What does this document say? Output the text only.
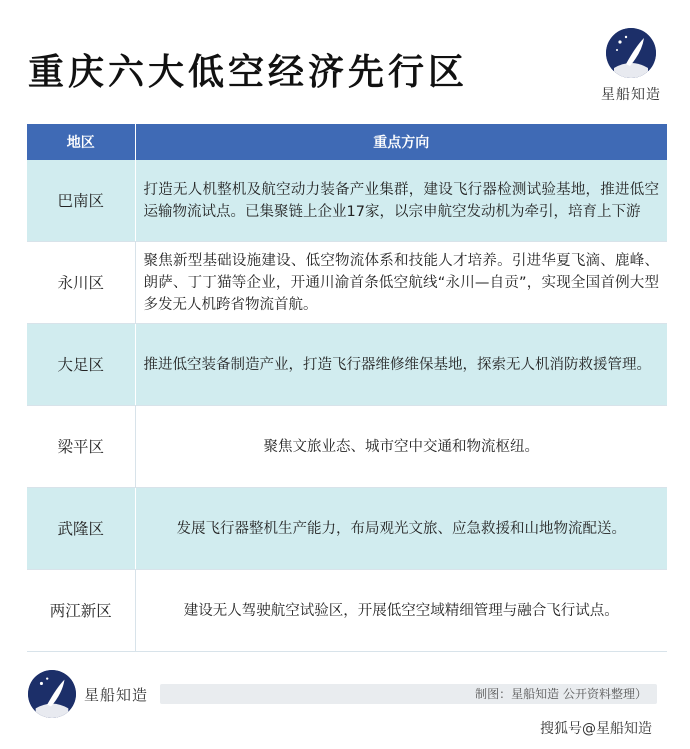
重庆六大低空经济先行区
星船知造
地区	重点方向
巴南区	打造无人机整机及航空动力装备产业集群，建设飞行器检测试验基地，推进低空运输物流试点。已集聚链上企业17家，以宗申航空发动机为牵引，培育上下游
永川区	聚焦新型基础设施建设、低空物流体系和技能人才培养。引进华夏飞滴、鹿峰、朗萨、丁丁猫等企业，开通川渝首条低空航线“永川—自贡”，实现全国首例大型多发无人机跨省物流首航。
大足区	推进低空装备制造产业，打造飞行器维修维保基地，探索无人机消防救援管理。
梁平区	聚焦文旅业态、城市空中交通和物流枢纽。
武隆区	发展飞行器整机生产能力，布局观光文旅、应急救援和山地物流配送。
两江新区	建设无人驾驶航空试验区，开展低空空域精细管理与融合飞行试点。
星船知造	制图：星船知造 公开资料整理）
搜狐号@星船知造
